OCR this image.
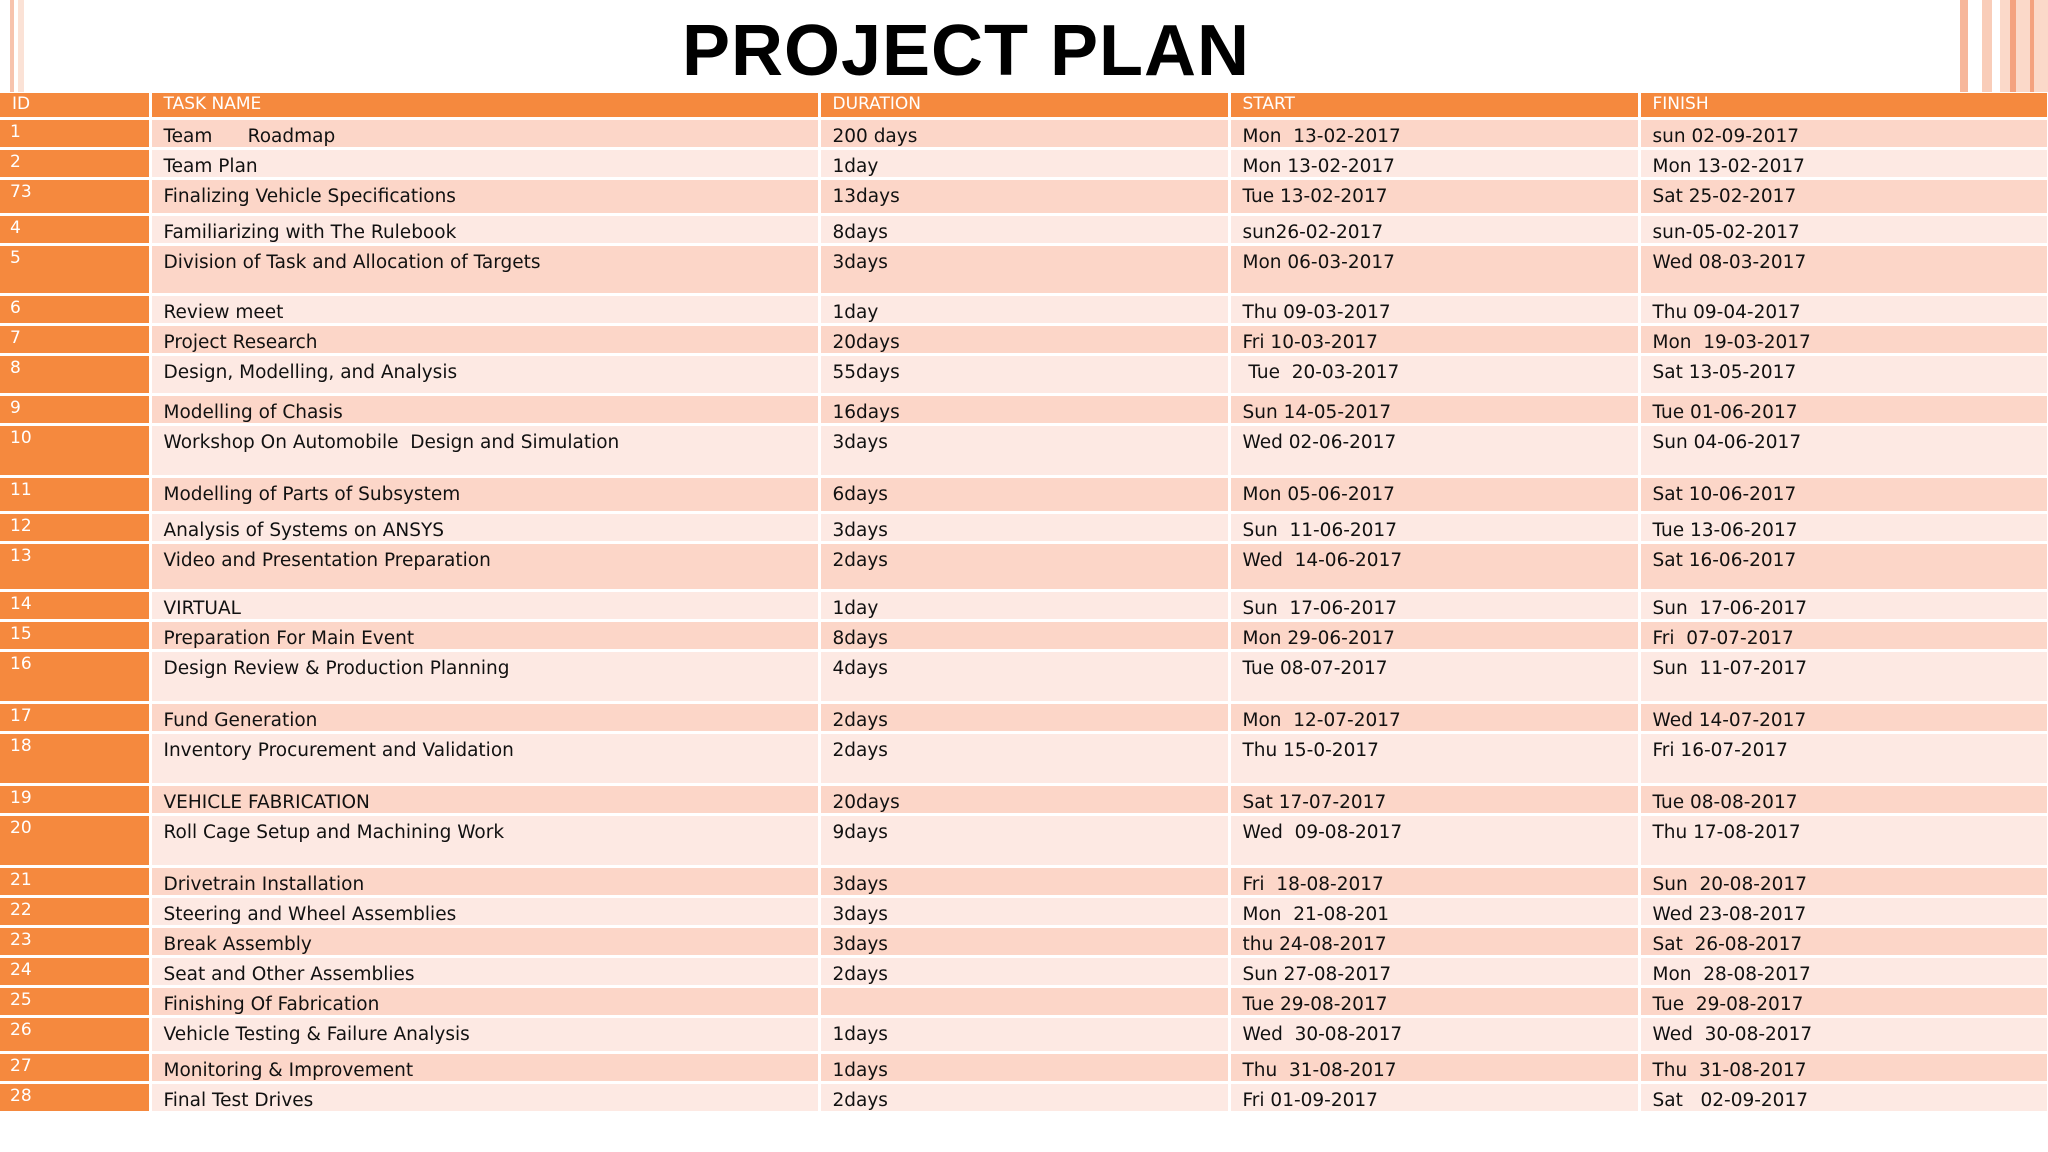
PROJECT PLAN
ID	TASK NAME	DURATION	START	FINISH
1	Team      Roadmap	200 days	Mon  13-02-2017	sun 02-09-2017
2	Team Plan	1day	Mon 13-02-2017	Mon 13-02-2017
73	Finalizing Vehicle Specifications	13days	Tue 13-02-2017	Sat 25-02-2017
4	Familiarizing with The Rulebook	8days	sun26-02-2017	sun-05-02-2017
5	Division of Task and Allocation of Targets	3days	Mon 06-03-2017	Wed 08-03-2017
6	Review meet	1day	Thu 09-03-2017	Thu 09-04-2017
7	Project Research	20days	Fri 10-03-2017	Mon  19-03-2017
8	Design, Modelling, and Analysis	55days	Tue  20-03-2017	Sat 13-05-2017
9	Modelling of Chasis	16days	Sun 14-05-2017	Tue 01-06-2017
10	Workshop On Automobile  Design and Simulation	3days	Wed 02-06-2017	Sun 04-06-2017
11	Modelling of Parts of Subsystem	6days	Mon 05-06-2017	Sat 10-06-2017
12	Analysis of Systems on ANSYS	3days	Sun  11-06-2017	Tue 13-06-2017
13	Video and Presentation Preparation	2days	Wed  14-06-2017	Sat 16-06-2017
14	VIRTUAL	1day	Sun  17-06-2017	Sun  17-06-2017
15	Preparation For Main Event	8days	Mon 29-06-2017	Fri  07-07-2017
16	Design Review & Production Planning	4days	Tue 08-07-2017	Sun  11-07-2017
17	Fund Generation	2days	Mon  12-07-2017	Wed 14-07-2017
18	Inventory Procurement and Validation	2days	Thu 15-0-2017	Fri 16-07-2017
19	VEHICLE FABRICATION	20days	Sat 17-07-2017	Tue 08-08-2017
20	Roll Cage Setup and Machining Work	9days	Wed  09-08-2017	Thu 17-08-2017
21	Drivetrain Installation	3days	Fri  18-08-2017	Sun  20-08-2017
22	Steering and Wheel Assemblies	3days	Mon  21-08-201	Wed 23-08-2017
23	Break Assembly	3days	thu 24-08-2017	Sat  26-08-2017
24	Seat and Other Assemblies	2days	Sun 27-08-2017	Mon  28-08-2017
25	Finishing Of Fabrication		Tue 29-08-2017	Tue  29-08-2017
26	Vehicle Testing & Failure Analysis	1days	Wed  30-08-2017	Wed  30-08-2017
27	Monitoring & Improvement	1days	Thu  31-08-2017	Thu  31-08-2017
28	Final Test Drives	2days	Fri 01-09-2017	Sat   02-09-2017
